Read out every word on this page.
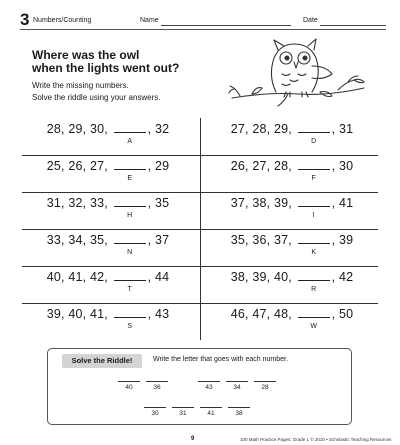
3 Numbers/Counting	Name	Date
Where was the owl
when the lights went out?
Write the missing numbers.
Solve the riddle using your answers.
28, 29, 30,	, 32
A
27, 28, 29,	, 31
D
25, 26, 27,	, 29
E
26, 27, 28,	, 30
F
31, 32, 33,	, 35
H
37, 38, 39,	, 41
I
33, 34, 35,	, 37
N
35, 36, 37,	, 39
K
40, 41, 42,	, 44
T
38, 39, 40,	, 42
R
39, 40, 41,	, 43
S
46, 47, 48,	, 50
W
Solve the Riddle!	Write the letter that goes with each number.
40	36	43	34	28
30	31	41	38
9	100 Math Practice Pages: Grade 1 © 2010 • Scholastic Teaching Resources
